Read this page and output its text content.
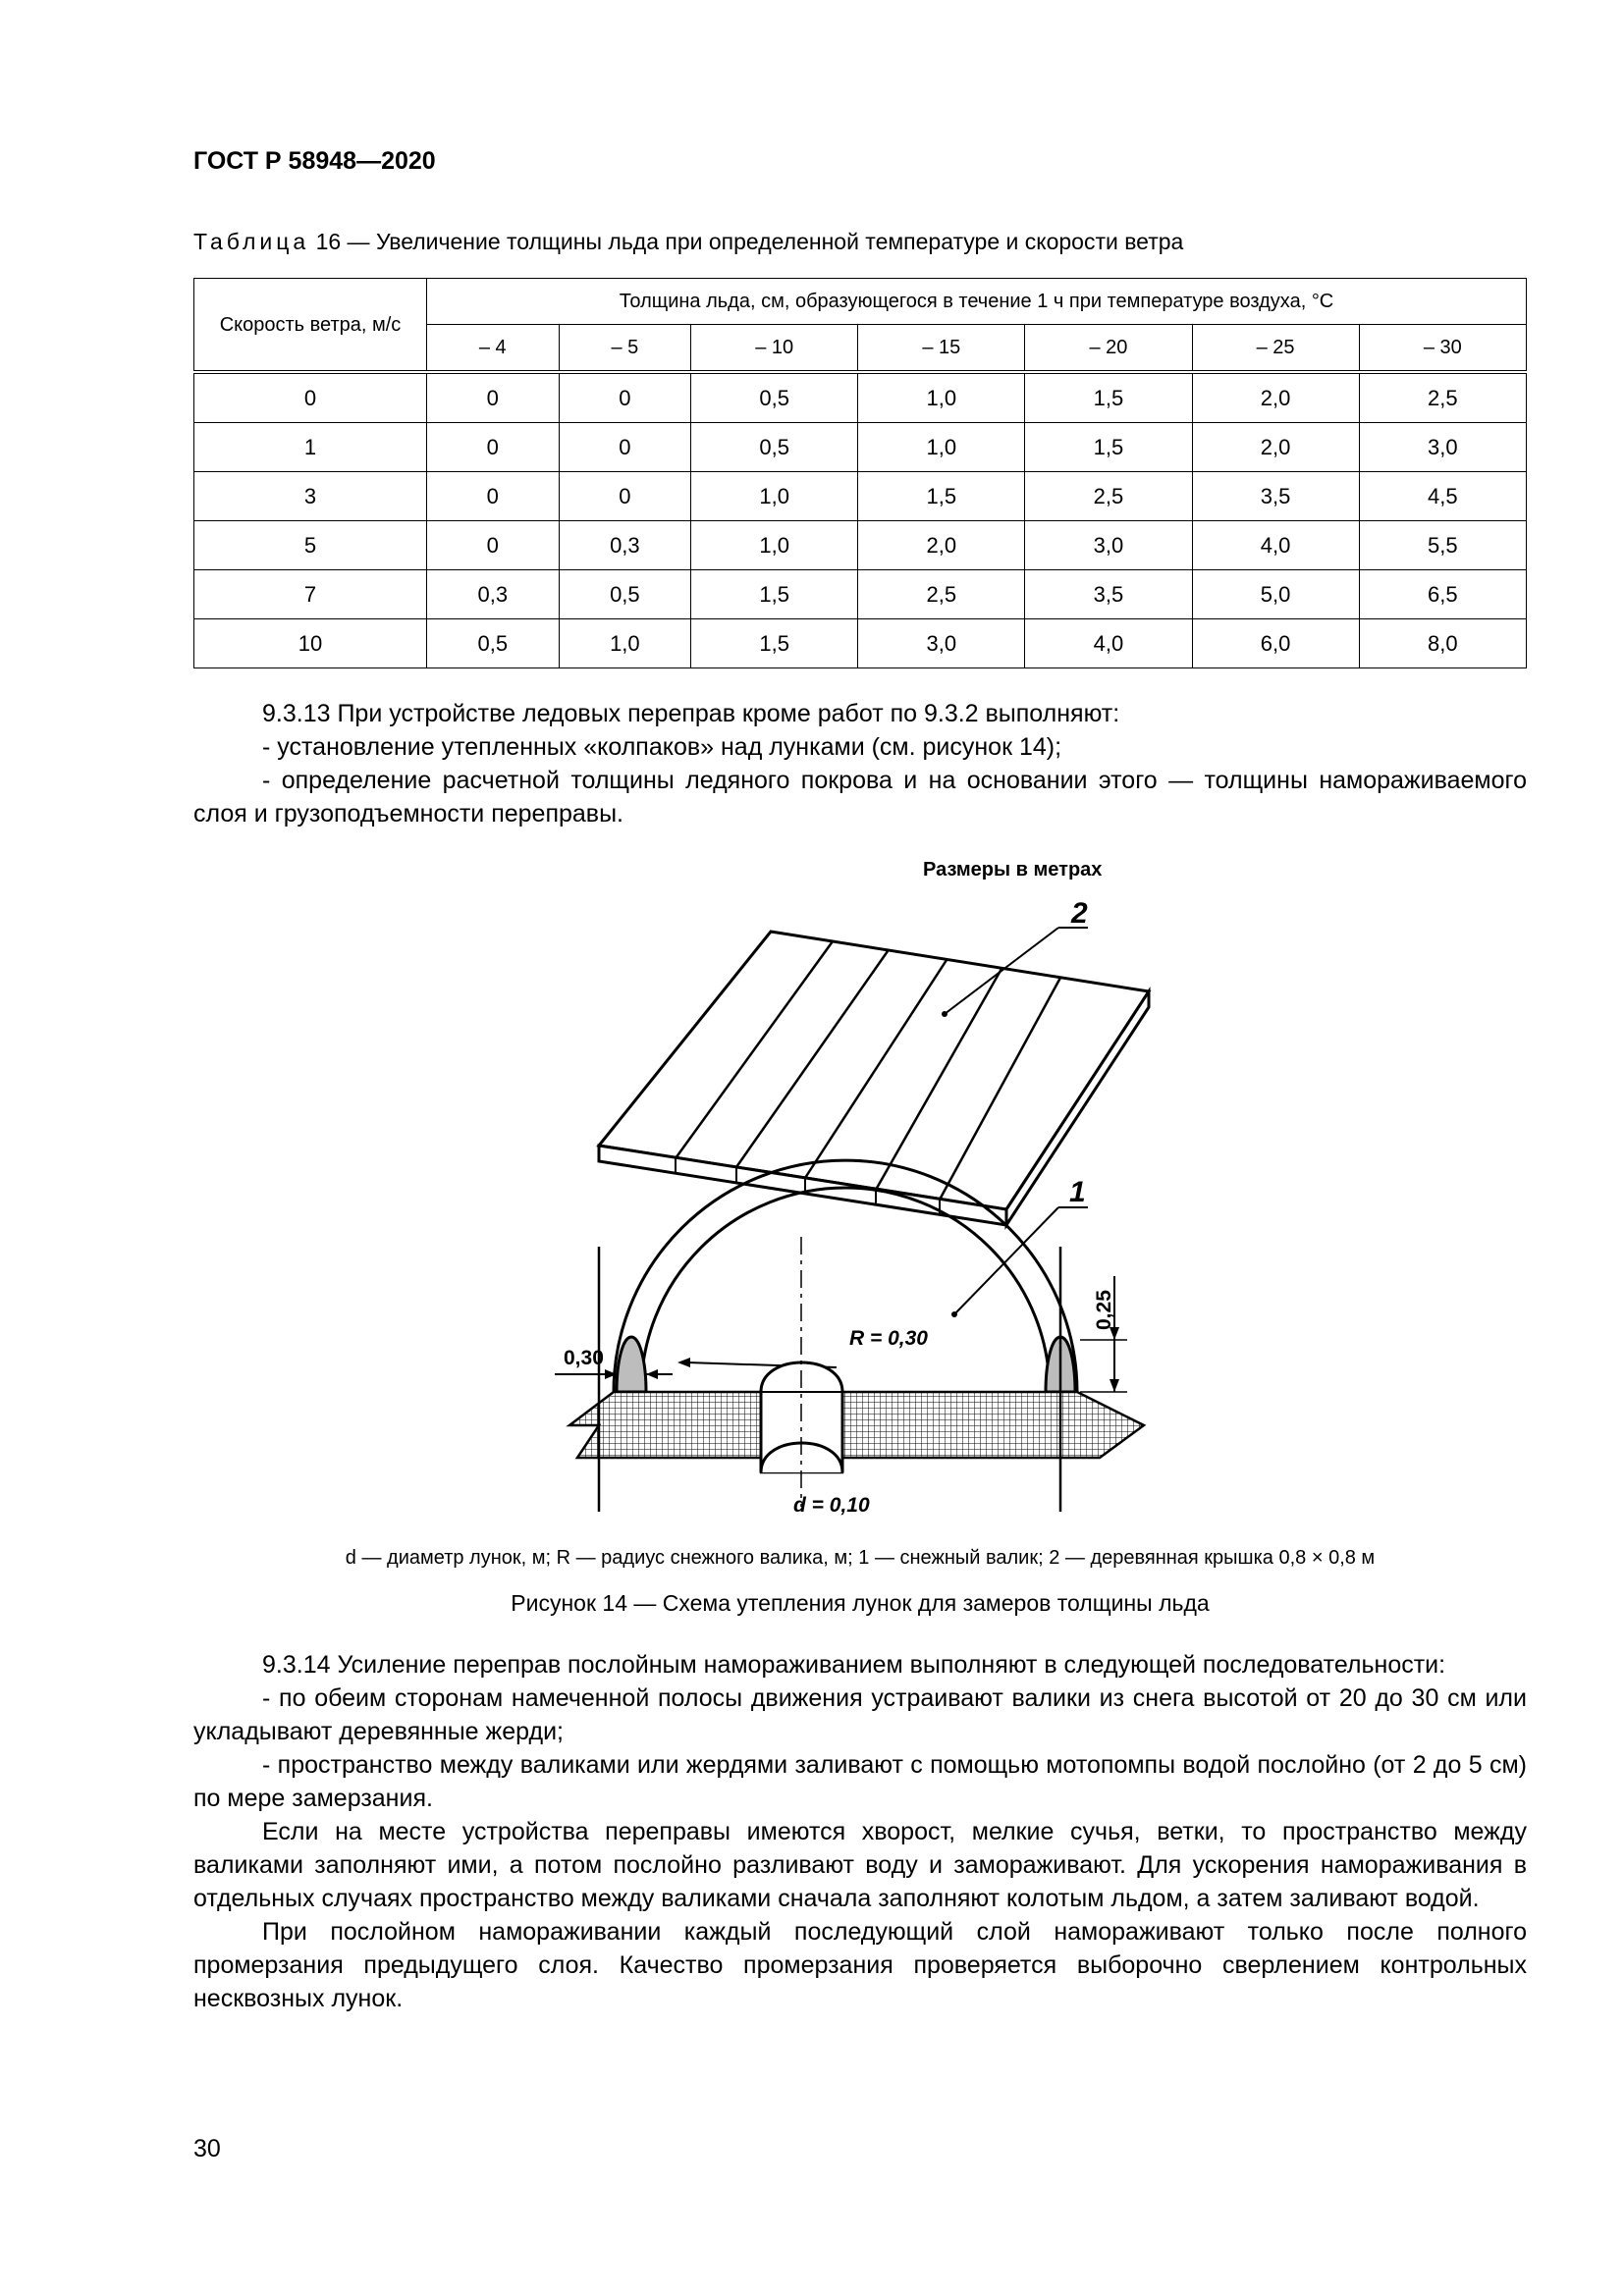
ГОСТ Р 58948—2020
Таблица 16 — Увеличение толщины льда при определенной температуре и скорости ветра
Скорость ветра, м/с	Толщина льда, см, образующегося в течение 1 ч при температуре воздуха, °С						
	– 4	– 5	– 10	– 15	– 20	– 25	– 30
0	0	0	0,5	1,0	1,5	2,0	2,5
1	0	0	0,5	1,0	1,5	2,0	3,0
3	0	0	1,0	1,5	2,5	3,5	4,5
5	0	0,3	1,0	2,0	3,0	4,0	5,5
7	0,3	0,5	1,5	2,5	3,5	5,0	6,5
10	0,5	1,0	1,5	3,0	4,0	6,0	8,0

9.3.13 При устройстве ледовых переправ кроме работ по 9.3.2 выполняют:

- установление утепленных «колпаков» над лунками (см. рисунок 14);

- определение расчетной толщины ледяного покрова и на основании этого — толщины намораживаемого слоя и грузоподъемности переправы.

Размеры в метрах
2
1
0,25
0,30
R = 0,30
d = 0,10
d — диаметр лунок, м; R — радиус снежного валика, м; 1 — снежный валик; 2 — деревянная крышка 0,8 × 0,8 м
Рисунок 14 — Схема утепления лунок для замеров толщины льда

9.3.14 Усиление переправ послойным намораживанием выполняют в следующей последовательности:

- по обеим сторонам намеченной полосы движения устраивают валики из снега высотой от 20 до 30 см или укладывают деревянные жерди;

- пространство между валиками или жердями заливают с помощью мотопомпы водой послойно (от 2 до 5 см) по мере замерзания.

Если на месте устройства переправы имеются хворост, мелкие сучья, ветки, то пространство между валиками заполняют ими, а потом послойно разливают воду и замораживают. Для ускорения намораживания в отдельных случаях пространство между валиками сначала заполняют колотым льдом, а затем заливают водой.

При послойном намораживании каждый последующий слой намораживают только после полного промерзания предыдущего слоя. Качество промерзания проверяется выборочно сверлением контрольных несквозных лунок.

30
